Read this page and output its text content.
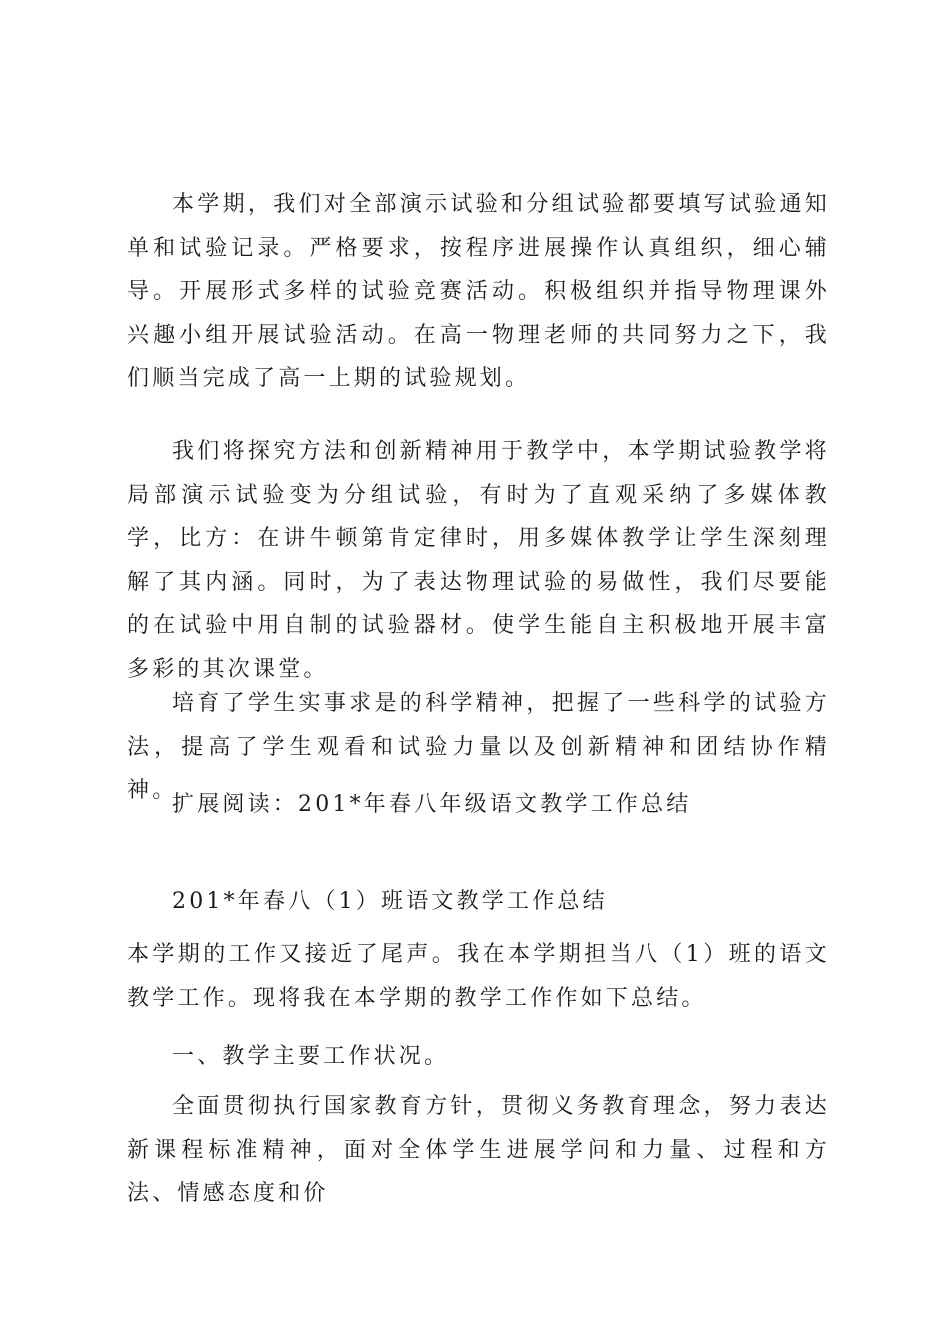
本学期，我们对全部演示试验和分组试验都要填写试验通知单和试验记录。严格要求，按程序进展操作认真组织，细心辅导。开展形式多样的试验竞赛活动。积极组织并指导物理课外兴趣小组开展试验活动。在高一物理老师的共同努力之下，我们顺当完成了高一上期的试验规划。

我们将探究方法和创新精神用于教学中，本学期试验教学将局部演示试验变为分组试验，有时为了直观采纳了多媒体教学，比方：在讲牛顿第肯定律时，用多媒体教学让学生深刻理解了其内涵。同时，为了表达物理试验的易做性，我们尽要能的在试验中用自制的试验器材。使学生能自主积极地开展丰富多彩的其次课堂。

培育了学生实事求是的科学精神，把握了一些科学的试验方法，提高了学生观看和试验力量以及创新精神和团结协作精神。

扩展阅读：201*年春八年级语文教学工作总结

201*年春八（1）班语文教学工作总结

本学期的工作又接近了尾声。我在本学期担当八（1）班的语文教学工作。现将我在本学期的教学工作作如下总结。

一、教学主要工作状况。

全面贯彻执行国家教育方针，贯彻义务教育理念，努力表达新课程标准精神，面对全体学生进展学问和力量、过程和方法、情感态度和价
